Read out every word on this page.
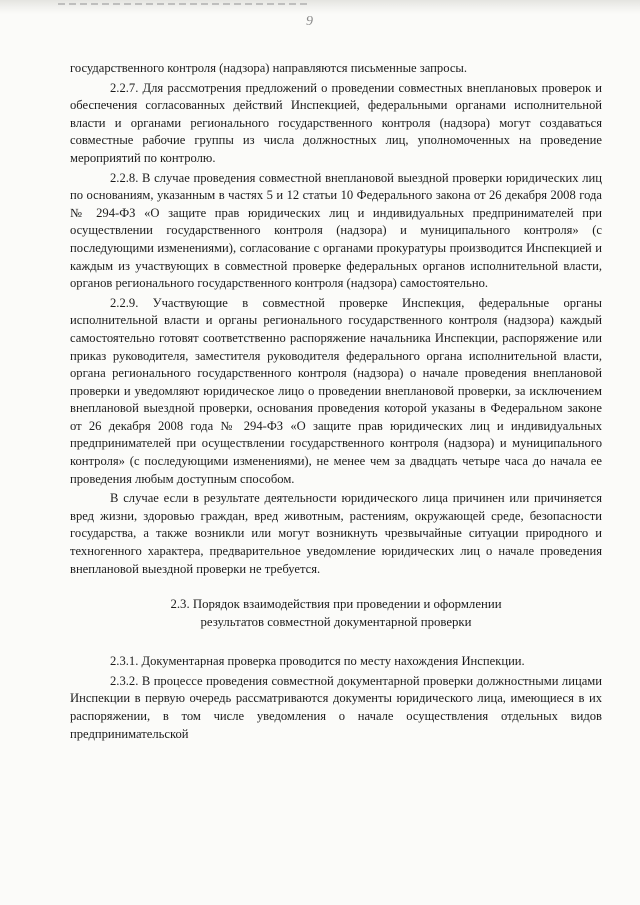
9

государственного контроля (надзора) направляются письменные запросы.

2.2.7. Для рассмотрения предложений о проведении совместных внеплановых проверок и обеспечения согласованных действий Инспекцией, федеральными органами исполнительной власти и органами регионального государственного контроля (надзора) могут создаваться совместные рабочие группы из числа должностных лиц, уполномоченных на проведение мероприятий по контролю.

2.2.8. В случае проведения совместной внеплановой выездной проверки юридических лиц по основаниям, указанным в частях 5 и 12 статьи 10 Федерального закона от 26 декабря 2008 года № 294-ФЗ «О защите прав юридических лиц и индивидуальных предпринимателей при осуществлении государственного контроля (надзора) и муниципального контроля» (с последующими изменениями), согласование с органами прокуратуры производится Инспекцией и каждым из участвующих в совместной проверке федеральных органов исполнительной власти, органов регионального государственного контроля (надзора) самостоятельно.

2.2.9. Участвующие в совместной проверке Инспекция, федеральные органы исполнительной власти и органы регионального государственного контроля (надзора) каждый самостоятельно готовят соответственно распоряжение начальника Инспекции, распоряжение или приказ руководителя, заместителя руководителя федерального органа исполнительной власти, органа регионального государственного контроля (надзора) о начале проведения внеплановой проверки и уведомляют юридическое лицо о проведении внеплановой проверки, за исключением внеплановой выездной проверки, основания проведения которой указаны в Федеральном законе от 26 декабря 2008 года № 294-ФЗ «О защите прав юридических лиц и индивидуальных предпринимателей при осуществлении государственного контроля (надзора) и муниципального контроля» (с последующими изменениями), не менее чем за двадцать четыре часа до начала ее проведения любым доступным способом.

В случае если в результате деятельности юридического лица причинен или причиняется вред жизни, здоровью граждан, вред животным, растениям, окружающей среде, безопасности государства, а также возникли или могут возникнуть чрезвычайные ситуации природного и техногенного характера, предварительное уведомление юридических лиц о начале проведения внеплановой выездной проверки не требуется.

2.3. Порядок взаимодействия при проведении и оформлении
результатов совместной документарной проверки

2.3.1. Документарная проверка проводится по месту нахождения Инспекции.

2.3.2. В процессе проведения совместной документарной проверки должностными лицами Инспекции в первую очередь рассматриваются документы юридического лица, имеющиеся в их распоряжении, в том числе уведомления о начале осуществления отдельных видов предпринимательской
